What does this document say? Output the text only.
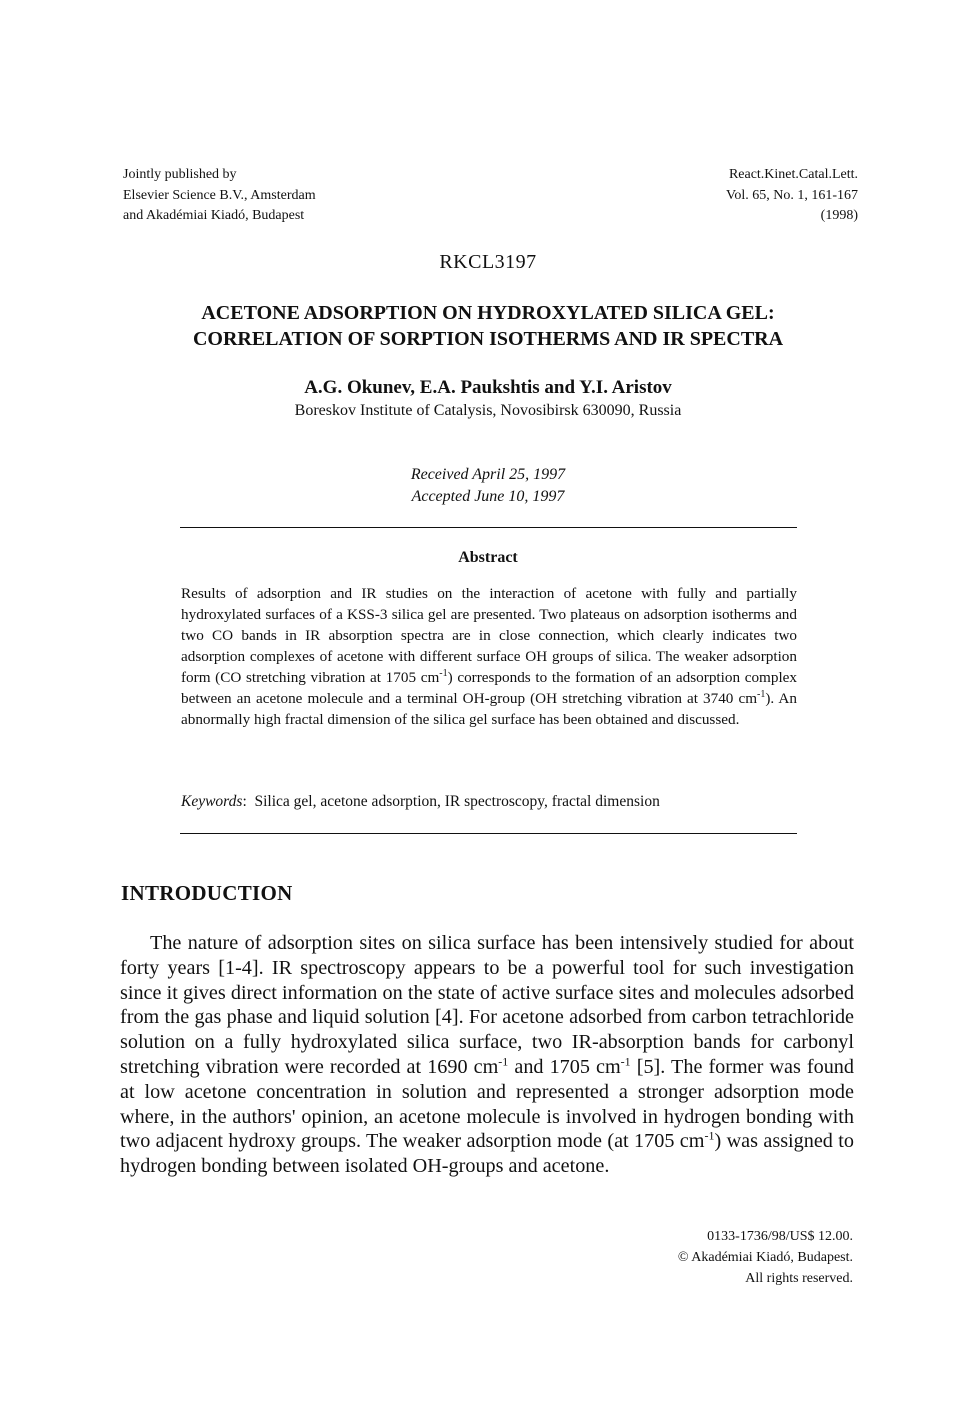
Jointly published by
Elsevier Science B.V., Amsterdam
and Akadémiai Kiadó, Budapest
React.Kinet.Catal.Lett.
Vol. 65, No. 1, 161-167
(1998)
RKCL3197
ACETONE ADSORPTION ON HYDROXYLATED SILICA GEL:
CORRELATION OF SORPTION ISOTHERMS AND IR SPECTRA
A.G. Okunev, E.A. Paukshtis and Y.I. Aristov
Boreskov Institute of Catalysis, Novosibirsk 630090, Russia
Received April 25, 1997
Accepted June 10, 1997
Abstract
Results of adsorption and IR studies on the interaction of acetone with fully and partially hydroxylated surfaces of a KSS-3 silica gel are presented. Two plateaus on adsorption isotherms and two CO bands in IR absorption spectra are in close connection, which clearly indicates two adsorption complexes of acetone with different surface OH groups of silica. The weaker adsorption form (CO stretching vibration at 1705 $cm^{-1}$) corresponds to the formation of an adsorption complex between an acetone molecule and a terminal OH-group (OH stretching vibration at 3740 $cm^{-1}$). An abnormally high fractal dimension of the silica gel surface has been obtained and discussed.
Keywords: Silica gel, acetone adsorption, IR spectroscopy, fractal dimension
INTRODUCTION
The nature of adsorption sites on silica surface has been intensively studied for about forty years [1-4]. IR spectroscopy appears to be a powerful tool for such investigation since it gives direct information on the state of active surface sites and molecules adsorbed from the gas phase and liquid solution [4]. For acetone adsorbed from carbon tetrachloride solution on a fully hydroxylated silica surface, two IR-absorption bands for carbonyl stretching vibration were recorded at 1690 $cm^{-1}$ and 1705 $cm^{-1}$ [5]. The former was found at low acetone concentration in solution and represented a stronger adsorption mode where, in the authors' opinion, an acetone molecule is involved in hydrogen bonding with two adjacent hydroxy groups. The weaker adsorption mode (at 1705 $cm^{-1}$) was assigned to hydrogen bonding between isolated OH-groups and acetone.
0133-1736/98/US$ 12.00.
© Akadémiai Kiadó, Budapest.
All rights reserved.
